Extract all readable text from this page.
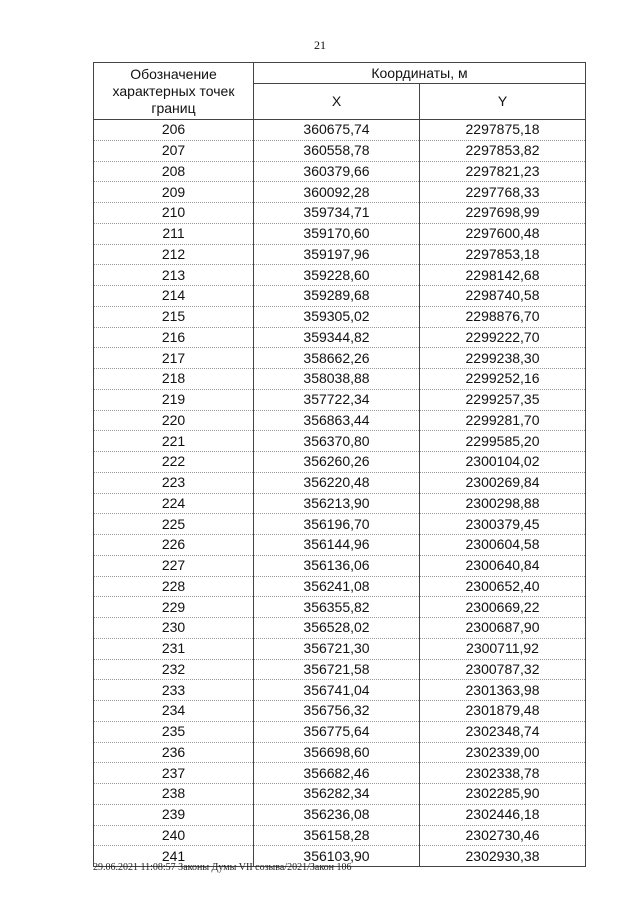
21
Обозначение характерных точек границ	Координаты, м	
	X	Y
206	360675,74	2297875,18
207	360558,78	2297853,82
208	360379,66	2297821,23
209	360092,28	2297768,33
210	359734,71	2297698,99
211	359170,60	2297600,48
212	359197,96	2297853,18
213	359228,60	2298142,68
214	359289,68	2298740,58
215	359305,02	2298876,70
216	359344,82	2299222,70
217	358662,26	2299238,30
218	358038,88	2299252,16
219	357722,34	2299257,35
220	356863,44	2299281,70
221	356370,80	2299585,20
222	356260,26	2300104,02
223	356220,48	2300269,84
224	356213,90	2300298,88
225	356196,70	2300379,45
226	356144,96	2300604,58
227	356136,06	2300640,84
228	356241,08	2300652,40
229	356355,82	2300669,22
230	356528,02	2300687,90
231	356721,30	2300711,92
232	356721,58	2300787,32
233	356741,04	2301363,98
234	356756,32	2301879,48
235	356775,64	2302348,74
236	356698,60	2302339,00
237	356682,46	2302338,78
238	356282,34	2302285,90
239	356236,08	2302446,18
240	356158,28	2302730,46
241	356103,90	2302930,38
29.06.2021 11:08:57 Законы Думы VII созыва/2021/Закон 106
